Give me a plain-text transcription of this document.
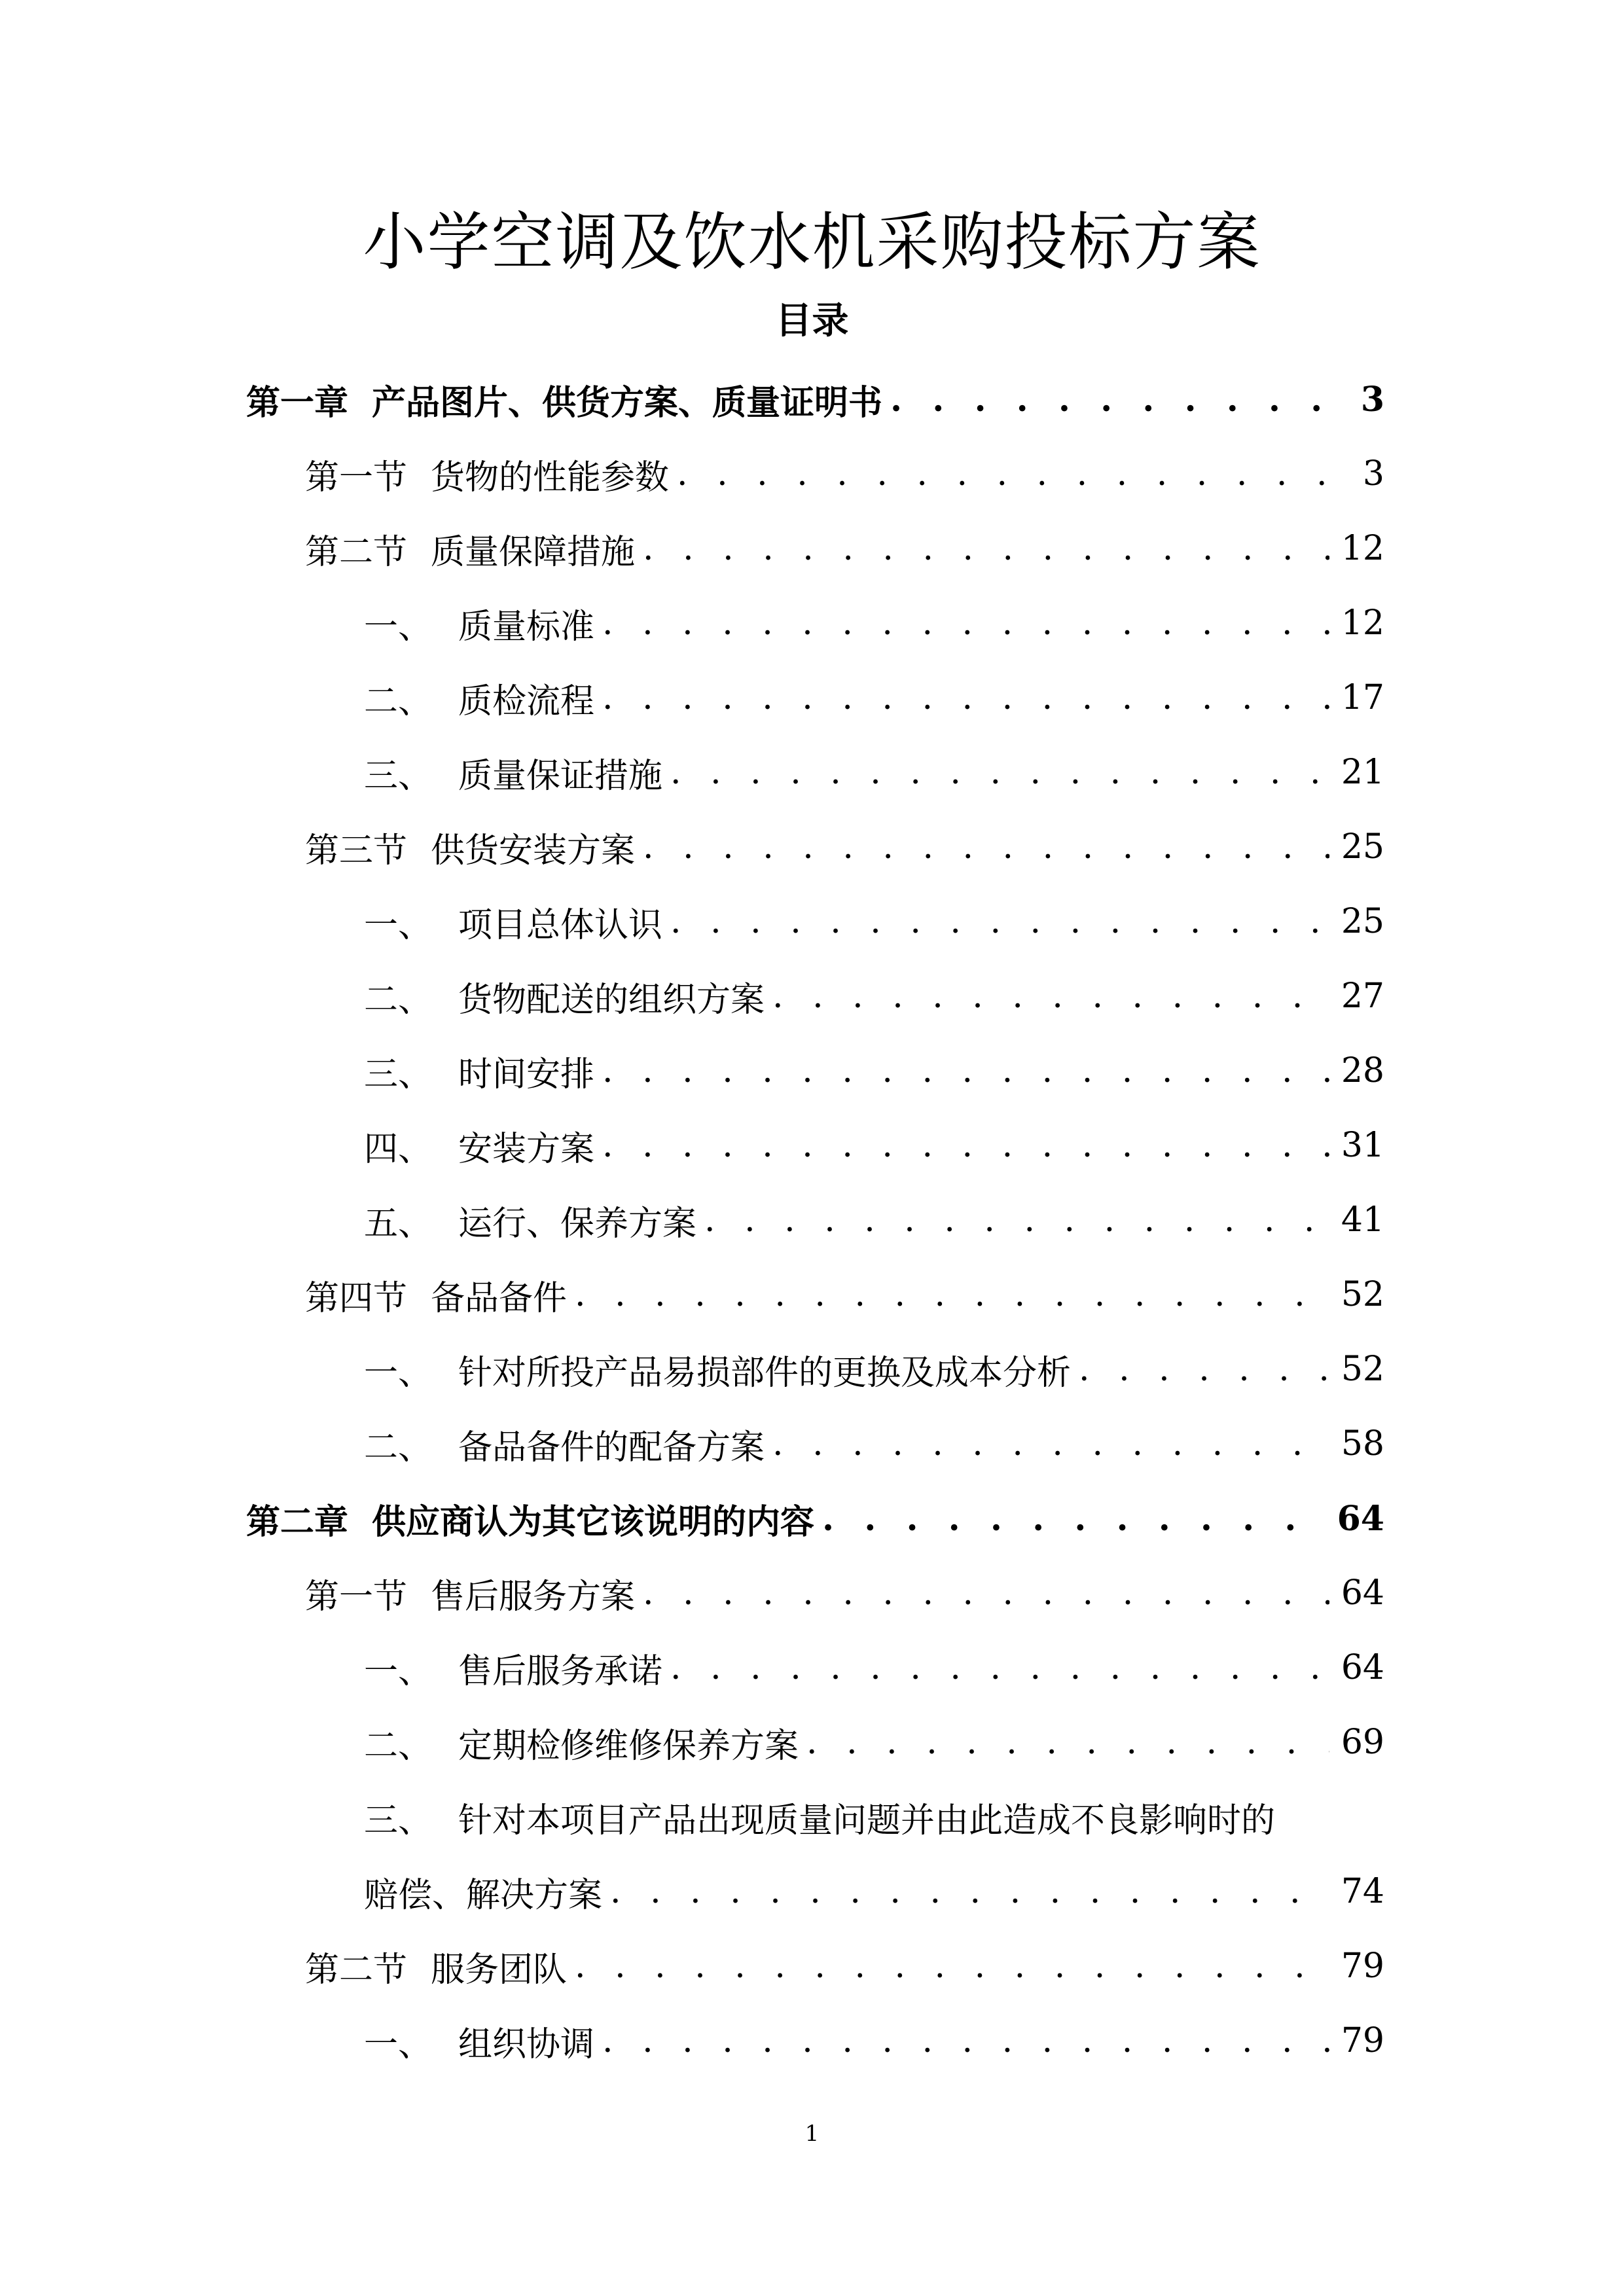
小学空调及饮水机采购投标方案
目录
第一章 产品图片、供货方案、质量证明书 . . .	3
第一节 货物的性能参数 . . .	3
第二节 质量保障措施 . . .	12
一、 质量标准 . . .	12
二、 质检流程 . . .	17
三、 质量保证措施 . . .	21
第三节 供货安装方案 . . .	25
一、 项目总体认识 . . .	25
二、 货物配送的组织方案 . . .	27
三、 时间安排 . . .	28
四、 安装方案 . . .	31
五、 运行、保养方案 . . .	41
第四节 备品备件 . . .	52
一、 针对所投产品易损部件的更换及成本分析 . . .	52
二、 备品备件的配备方案 . . .	58
第二章 供应商认为其它该说明的内容 . . .	64
第一节 售后服务方案 . . .	64
一、 售后服务承诺 . . .	64
二、 定期检修维修保养方案 . . .	69
三、 针对本项目产品出现质量问题并由此造成不良影响时的
赔偿、解决方案 . . .	74
第二节 服务团队 . . .	79
一、 组织协调 . . .	79
1
